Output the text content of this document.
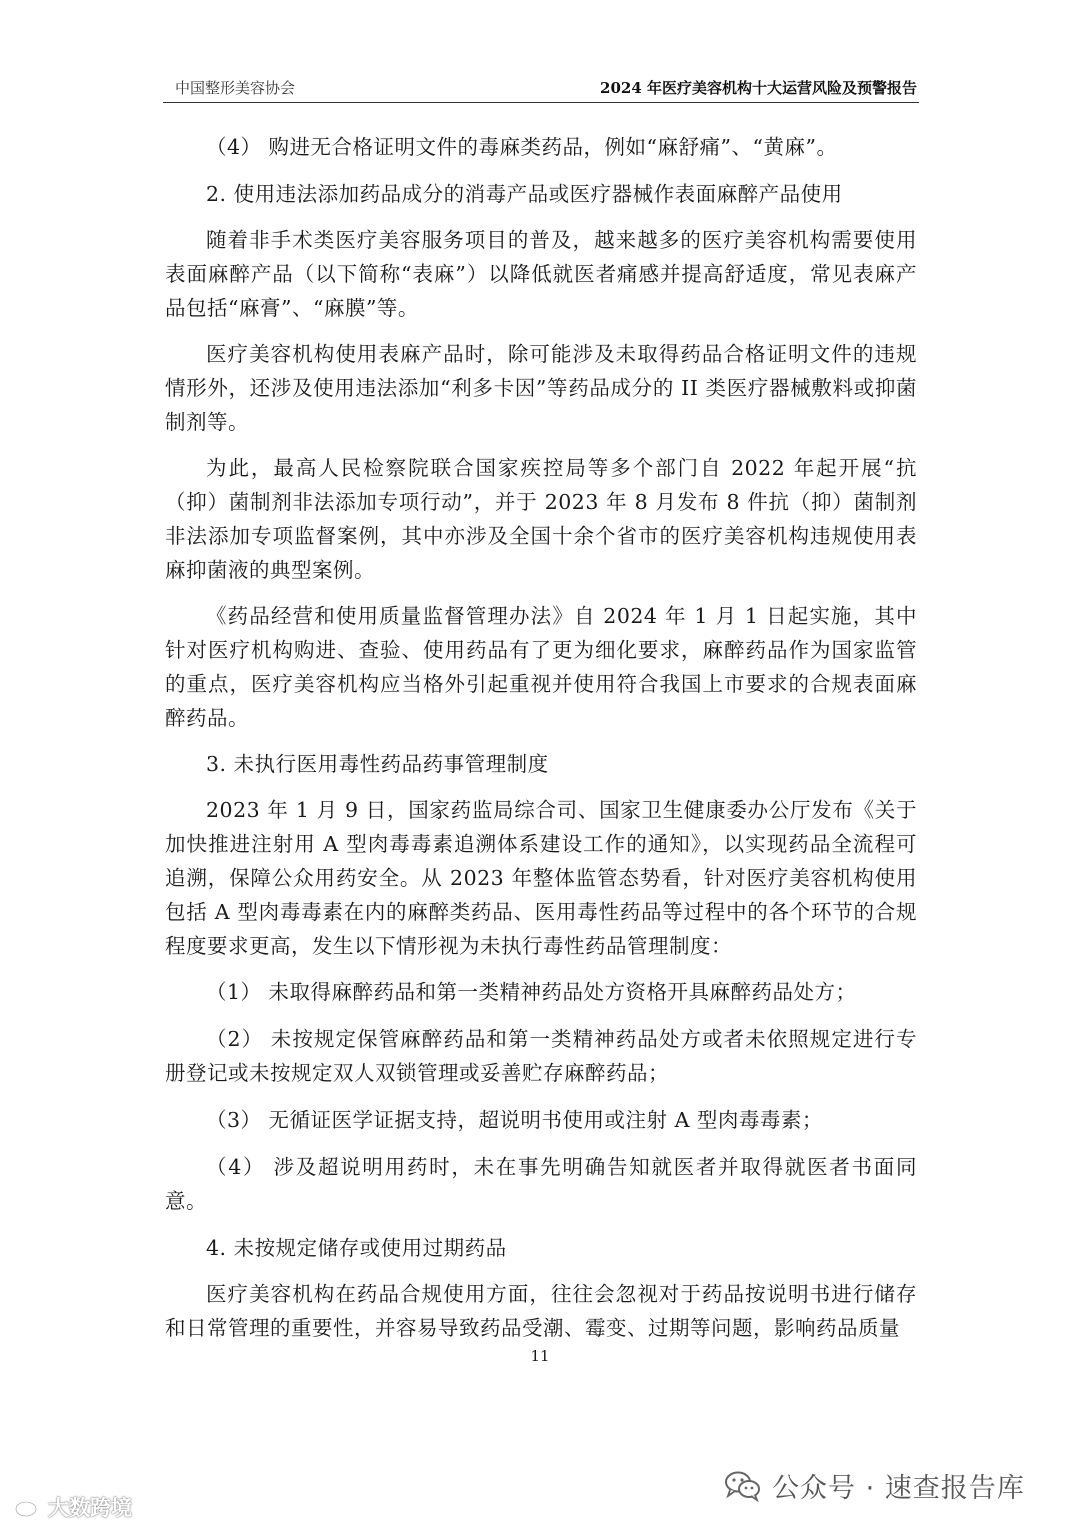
中国整形美容协会	2024 年医疗美容机构十大运营风险及预警报告

（4） 购进无合格证明文件的毒麻类药品，例如“麻舒痛”、“黄麻”。

2. 使用违法添加药品成分的消毒产品或医疗器械作表面麻醉产品使用

随着非手术类医疗美容服务项目的普及，越来越多的医疗美容机构需要使用表面麻醉产品（以下简称“表麻”）以降低就医者痛感并提高舒适度，常见表麻产品包括“麻膏”、“麻膜”等。

医疗美容机构使用表麻产品时，除可能涉及未取得药品合格证明文件的违规情形外，还涉及使用违法添加“利多卡因”等药品成分的 II 类医疗器械敷料或抑菌制剂等。

为此，最高人民检察院联合国家疾控局等多个部门自 2022 年起开展“抗（抑）菌制剂非法添加专项行动”，并于 2023 年 8 月发布 8 件抗（抑）菌制剂非法添加专项监督案例，其中亦涉及全国十余个省市的医疗美容机构违规使用表麻抑菌液的典型案例。

《药品经营和使用质量监督管理办法》自 2024 年 1 月 1 日起实施，其中针对医疗机构购进、查验、使用药品有了更为细化要求，麻醉药品作为国家监管的重点，医疗美容机构应当格外引起重视并使用符合我国上市要求的合规表面麻醉药品。

3. 未执行医用毒性药品药事管理制度

2023 年 1 月 9 日，国家药监局综合司、国家卫生健康委办公厅发布《关于加快推进注射用 A 型肉毒毒素追溯体系建设工作的通知》，以实现药品全流程可追溯，保障公众用药安全。从 2023 年整体监管态势看，针对医疗美容机构使用包括 A 型肉毒毒素在内的麻醉类药品、医用毒性药品等过程中的各个环节的合规程度要求更高，发生以下情形视为未执行毒性药品管理制度：

（1） 未取得麻醉药品和第一类精神药品处方资格开具麻醉药品处方；

（2） 未按规定保管麻醉药品和第一类精神药品处方或者未依照规定进行专册登记或未按规定双人双锁管理或妥善贮存麻醉药品；

（3） 无循证医学证据支持，超说明书使用或注射 A 型肉毒毒素；

（4） 涉及超说明用药时，未在事先明确告知就医者并取得就医者书面同意。

4. 未按规定储存或使用过期药品

医疗美容机构在药品合规使用方面，往往会忽视对于药品按说明书进行储存和日常管理的重要性，并容易导致药品受潮、霉变、过期等问题，影响药品质量

11
大数跨境
公众号 · 速查报告库
